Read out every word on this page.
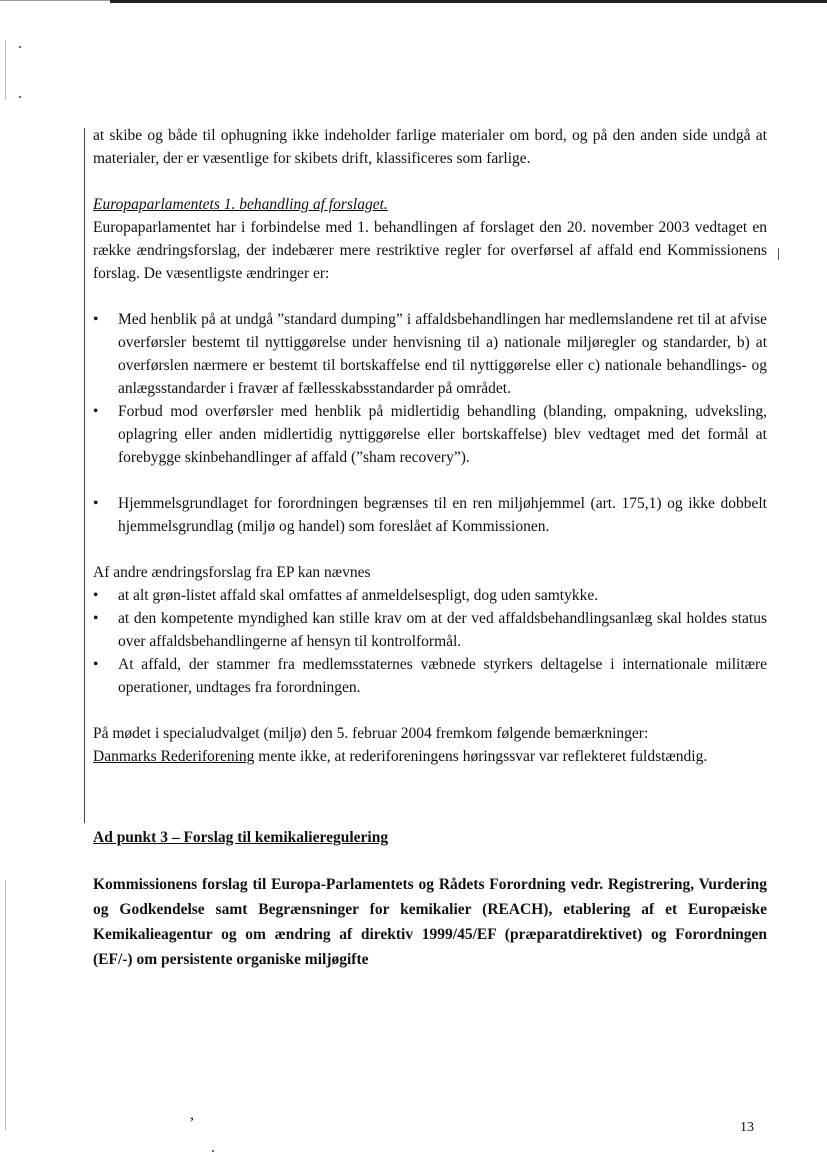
at skibe og både til ophugning ikke indeholder farlige materialer om bord, og på den anden side undgå at materialer, der er væsentlige for skibets drift, klassificeres som farlige.

Europaparlamentets 1. behandling af forslaget.

Europaparlamentet har i forbindelse med 1. behandlingen af forslaget den 20. november 2003 vedtaget en række ændringsforslag, der indebærer mere restriktive regler for overførsel af affald end Kommissionens forslag. De væsentligste ændringer er:

•	Med henblik på at undgå ”standard dumping” i affaldsbehandlingen har medlemslandene ret til at afvise overførsler bestemt til nyttiggørelse under henvisning til a) nationale miljøregler og standarder, b) at overførslen nærmere er bestemt til bortskaffelse end til nyttiggørelse eller c) nationale behandlings- og anlægsstandarder i fravær af fællesskabsstandarder på området.
•	Forbud mod overførsler med henblik på midlertidig behandling (blanding, ompakning, udveksling, oplagring eller anden midlertidig nyttiggørelse eller bortskaffelse) blev vedtaget med det formål at forebygge skinbehandlinger af affald (”sham recovery”).
•	Hjemmelsgrundlaget for forordningen begrænses til en ren miljøhjemmel (art. 175,1) og ikke dobbelt hjemmelsgrundlag (miljø og handel) som foreslået af Kommissionen.

Af andre ændringsforslag fra EP kan nævnes

•	at alt grøn-listet affald skal omfattes af anmeldelsespligt, dog uden samtykke.
•	at den kompetente myndighed kan stille krav om at der ved affaldsbehandlingsanlæg skal holdes status over affaldsbehandlingerne af hensyn til kontrolformål.
•	At affald, der stammer fra medlemsstaternes væbnede styrkers deltagelse i internationale militære operationer, undtages fra forordningen.

På mødet i specialudvalget (miljø) den 5. februar 2004 fremkom følgende bemærkninger:

Danmarks Rederiforening mente ikke, at rederiforeningens høringssvar var reflekteret fuldstændig.

Ad punkt 3 – Forslag til kemikalieregulering

Kommissionens forslag til Europa-Parlamentets og Rådets Forordning vedr. Registrering, Vurdering og Godkendelse samt Begrænsninger for kemikalier (REACH), etablering af et Europæiske Kemikalieagentur og om ændring af direktiv 1999/45/EF (præparatdirektivet) og Forordningen (EF/-) om persistente organiske miljøgifte

,
13
